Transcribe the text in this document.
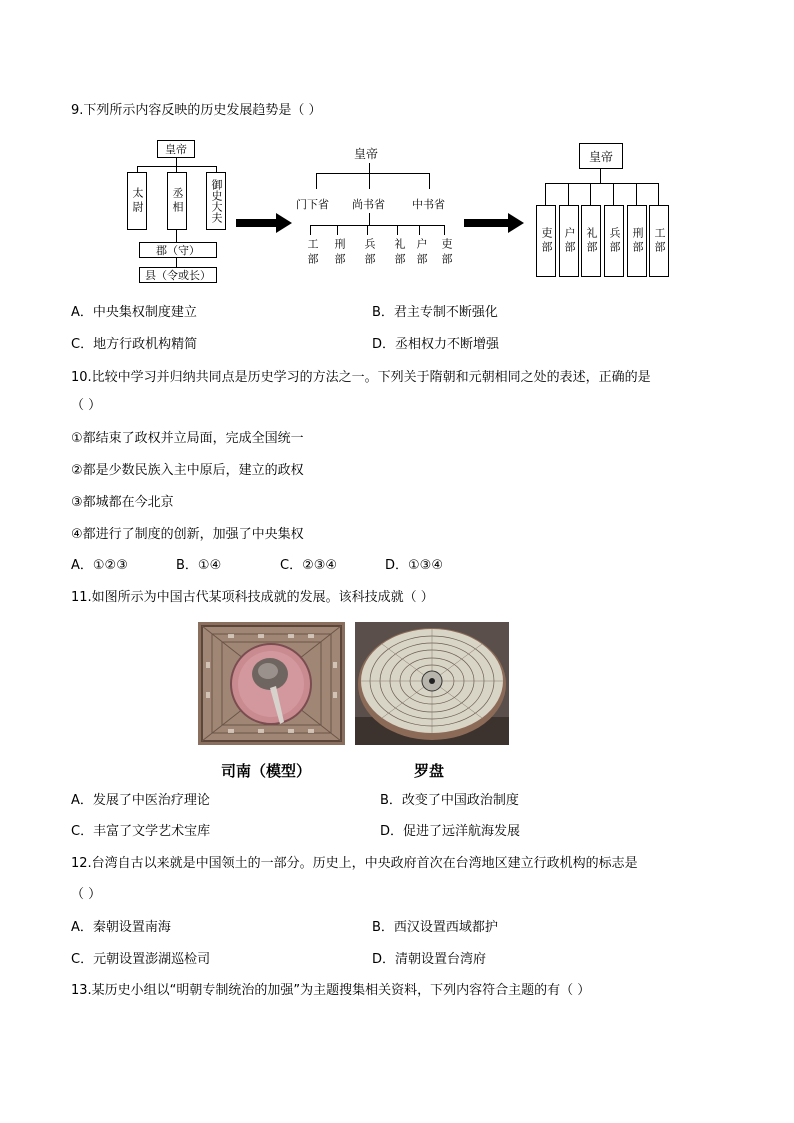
9.下列所示内容反映的历史发展趋势是（ ）
皇帝
太尉	丞相	御史大夫
郡（守）
县（令或长）
皇帝
门下省 尚书省 中书省
工部 刑部 兵部 礼部 户部 吏部
皇帝
吏部 户部 礼部 兵部 刑部 工部
A．中央集权制度建立	B．君主专制不断强化
C．地方行政机构精简	D．丞相权力不断增强
10.比较中学习并归纳共同点是历史学习的方法之一。下列关于隋朝和元朝相同之处的表述，正确的是
（ ）
①都结束了政权并立局面，完成全国统一
②都是少数民族入主中原后，建立的政权
③都城都在今北京
④都进行了制度的创新，加强了中央集权
A．①②③	B．①④	C．②③④	D．①③④
11.如图所示为中国古代某项科技成就的发展。该科技成就（ ）
司南（模型）	罗盘
A．发展了中医治疗理论	B．改变了中国政治制度
C．丰富了文学艺术宝库	D．促进了远洋航海发展
12.台湾自古以来就是中国领土的一部分。历史上，中央政府首次在台湾地区建立行政机构的标志是
（ ）
A．秦朝设置南海	B．西汉设置西域都护
C．元朝设置澎湖巡检司	D．清朝设置台湾府
13.某历史小组以“明朝专制统治的加强”为主题搜集相关资料，下列内容符合主题的有（ ）
